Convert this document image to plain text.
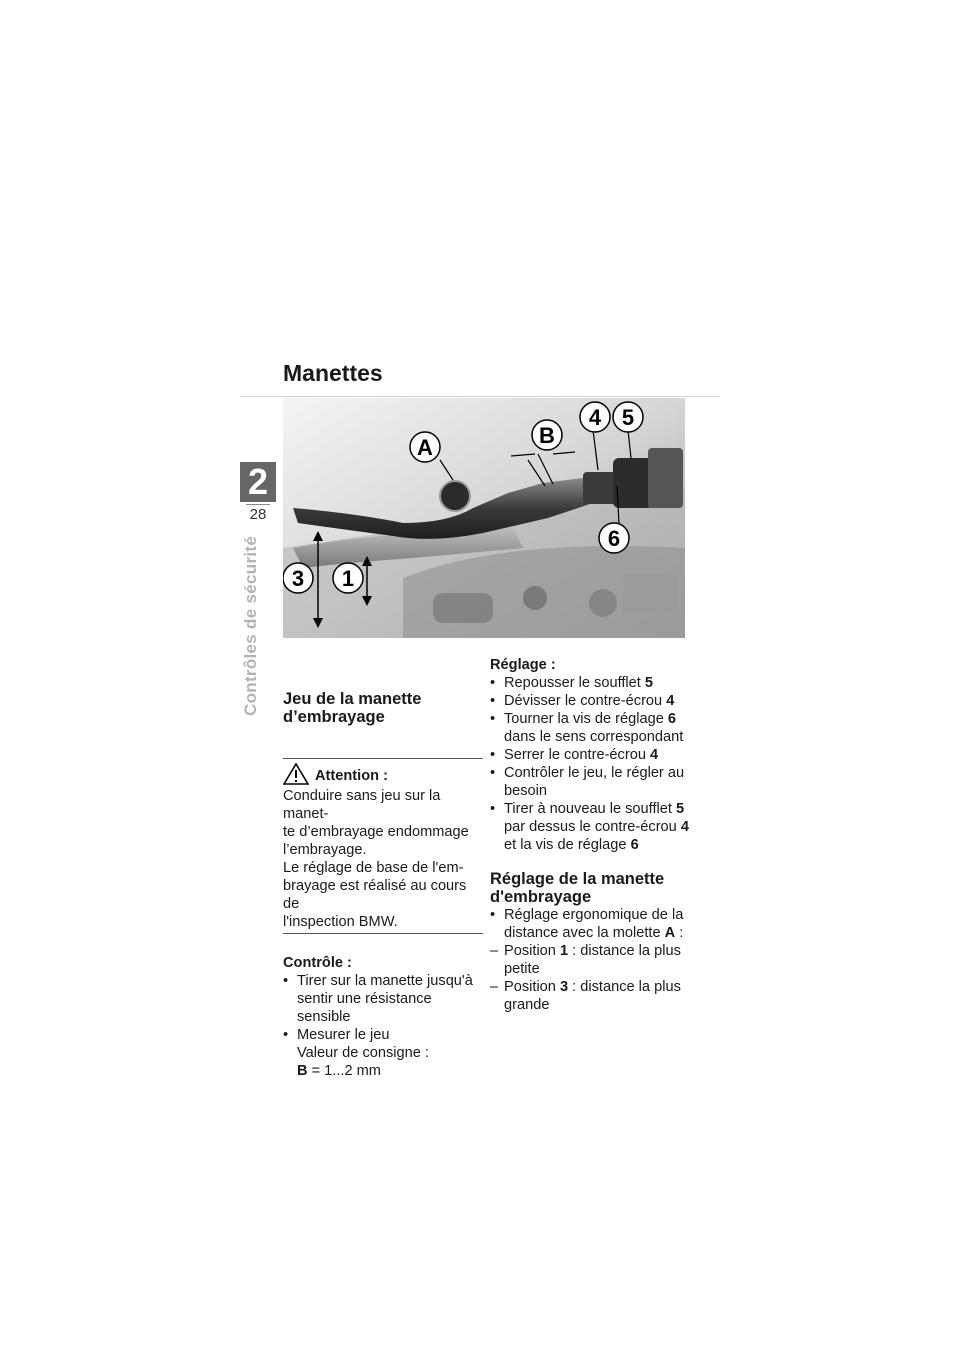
2
28
Contrôles de sécurité
Manettes
A	B
4 5
6
3 1

Jeu de la manette d’embrayage

Attention :

Conduire sans jeu sur la manet-

te d’embrayage endommage

l’embrayage.

Le réglage de base de l'em-

brayage est réalisé au cours de

l'inspection BMW.

Contrôle :

• Tirer sur la manette jusqu'à
sentir une résistance sensible
• Mesurer le jeu
Valeur de consigne :
B = 1...2 mm

Réglage :

• Repousser le soufflet 5
• Dévisser le contre-écrou 4
• Tourner la vis de réglage 6
dans le sens correspondant
• Serrer le contre-écrou 4
• Contrôler le jeu, le régler au
besoin
• Tirer à nouveau le soufflet 5
par dessus le contre-écrou 4
et la vis de réglage 6

Réglage de la manette d'embrayage

• Réglage ergonomique de la
distance avec la molette A :
– Position 1 : distance la plus
petite
– Position 3 : distance la plus
grande
